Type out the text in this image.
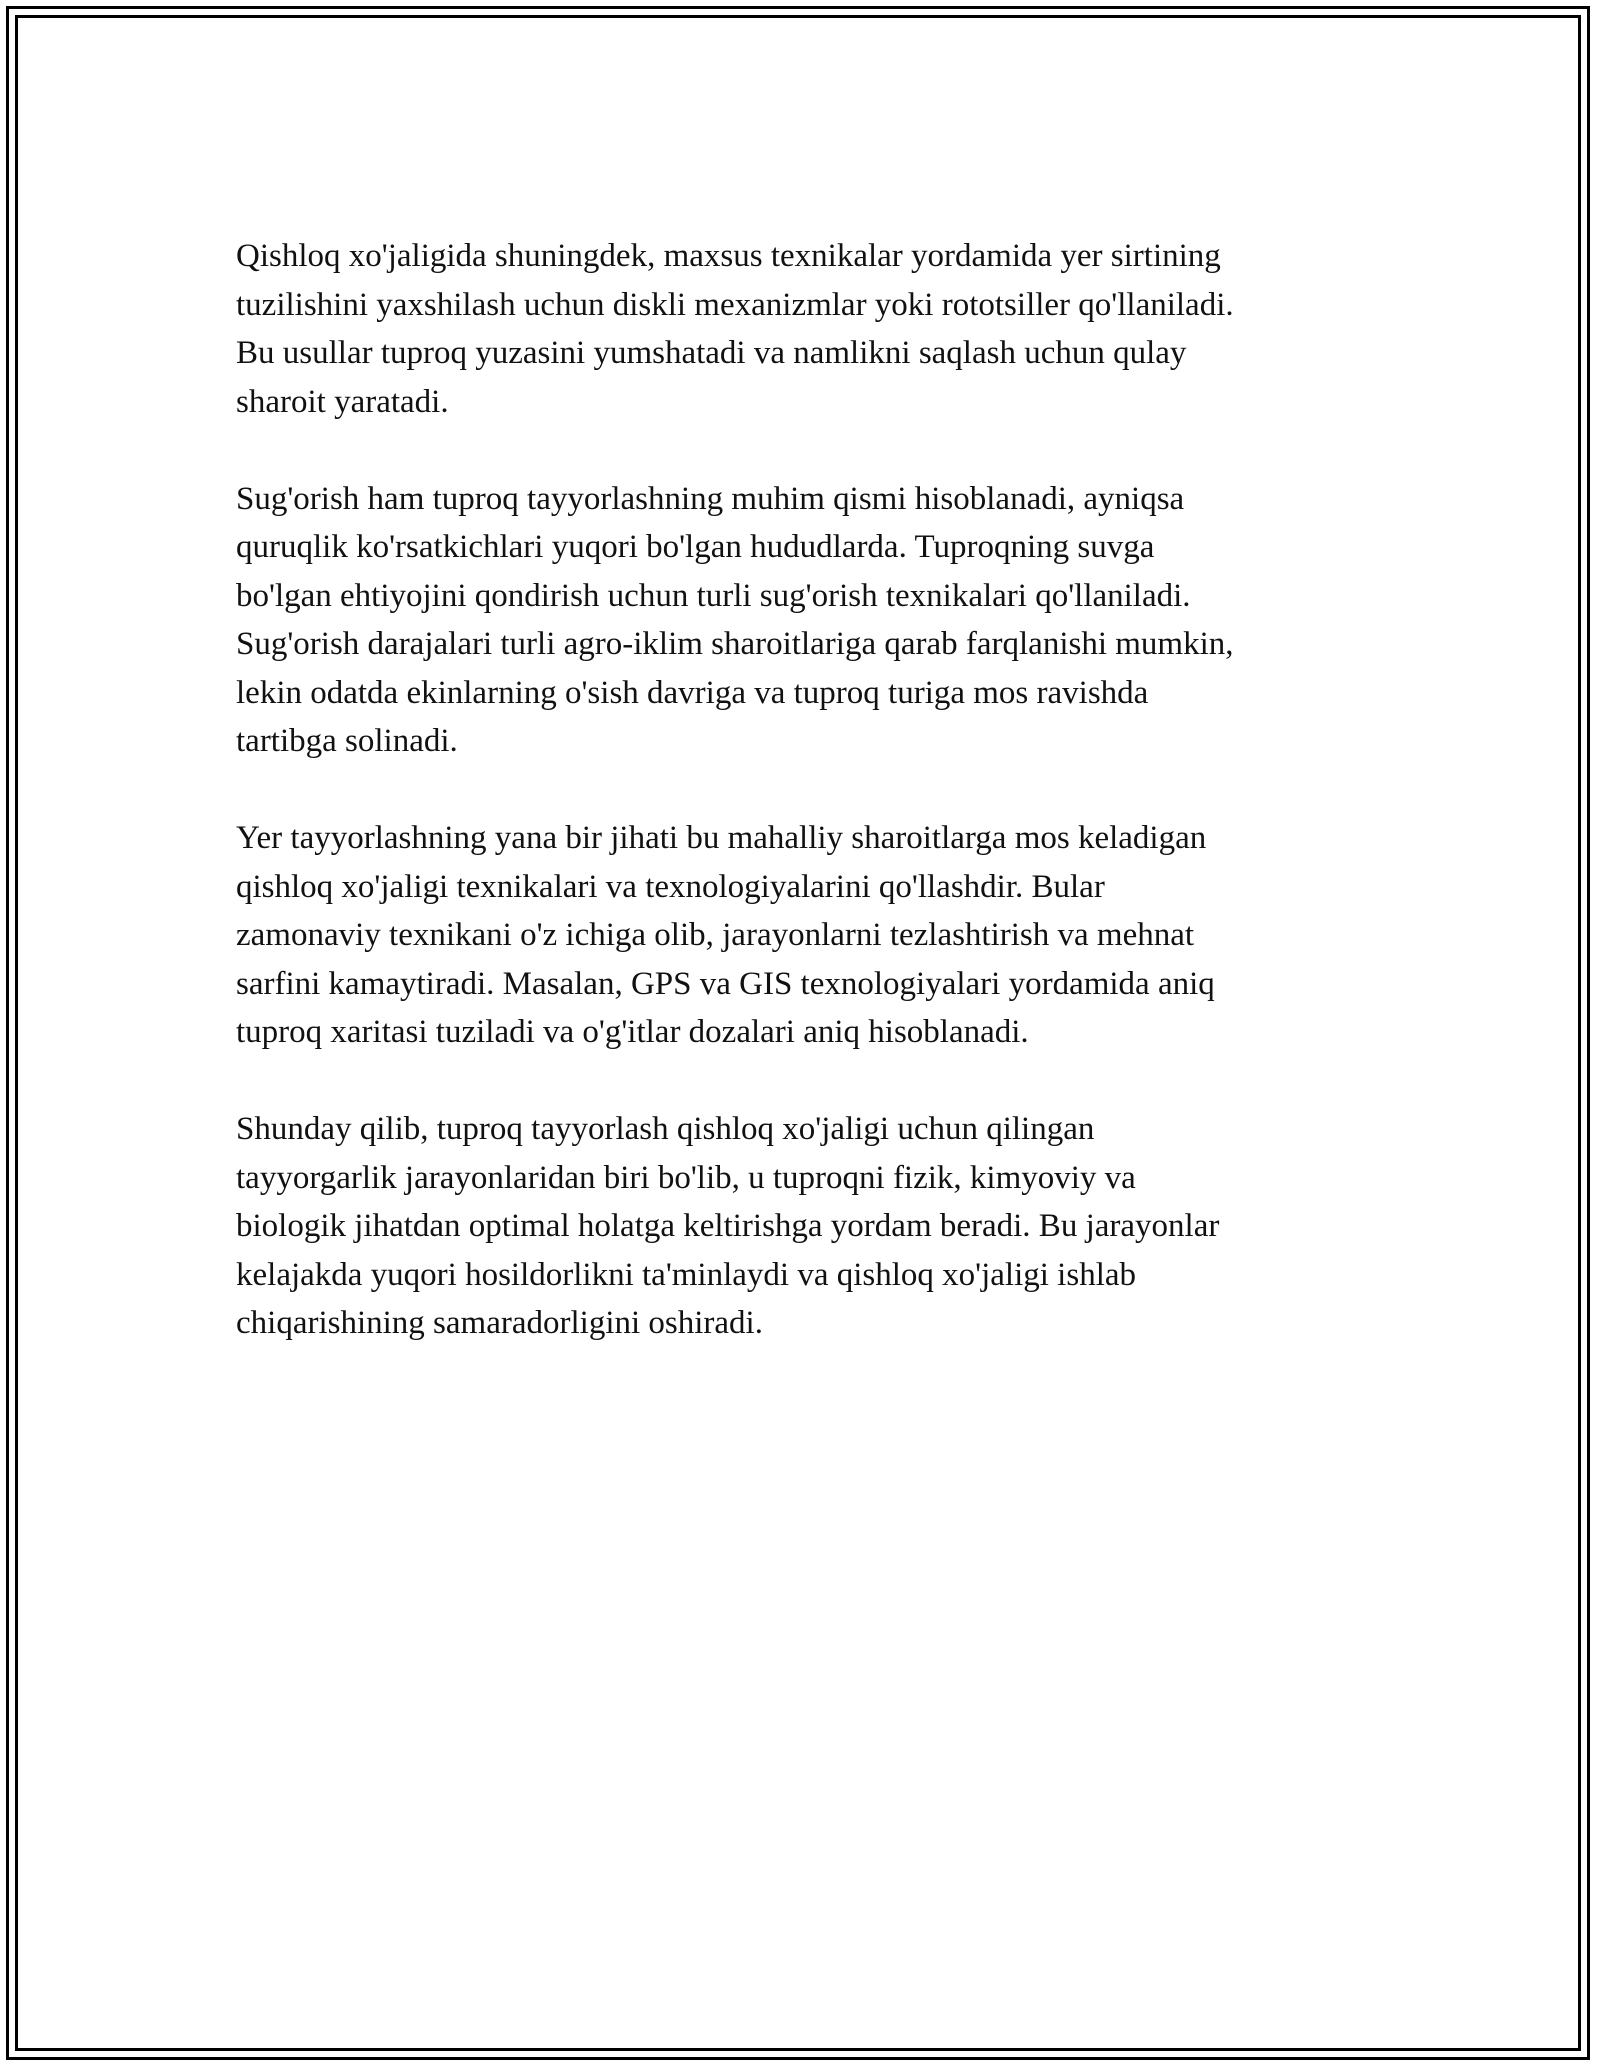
Qishloq xo'jaligida shuningdek, maxsus texnikalar yordamida yer sirtining
tuzilishini yaxshilash uchun diskli mexanizmlar yoki rototsiller qo'llaniladi.
Bu usullar tuproq yuzasini yumshatadi va namlikni saqlash uchun qulay
sharoit yaratadi.

Sug'orish ham tuproq tayyorlashning muhim qismi hisoblanadi, ayniqsa
quruqlik ko'rsatkichlari yuqori bo'lgan hududlarda. Tuproqning suvga
bo'lgan ehtiyojini qondirish uchun turli sug'orish texnikalari qo'llaniladi.
Sug'orish darajalari turli agro-iklim sharoitlariga qarab farqlanishi mumkin,
lekin odatda ekinlarning o'sish davriga va tuproq turiga mos ravishda
tartibga solinadi.

Yer tayyorlashning yana bir jihati bu mahalliy sharoitlarga mos keladigan
qishloq xo'jaligi texnikalari va texnologiyalarini qo'llashdir. Bular
zamonaviy texnikani o'z ichiga olib, jarayonlarni tezlashtirish va mehnat
sarfini kamaytiradi. Masalan, GPS va GIS texnologiyalari yordamida aniq
tuproq xaritasi tuziladi va o'g'itlar dozalari aniq hisoblanadi.

Shunday qilib, tuproq tayyorlash qishloq xo'jaligi uchun qilingan
tayyorgarlik jarayonlaridan biri bo'lib, u tuproqni fizik, kimyoviy va
biologik jihatdan optimal holatga keltirishga yordam beradi. Bu jarayonlar
kelajakda yuqori hosildorlikni ta'minlaydi va qishloq xo'jaligi ishlab
chiqarishining samaradorligini oshiradi.
